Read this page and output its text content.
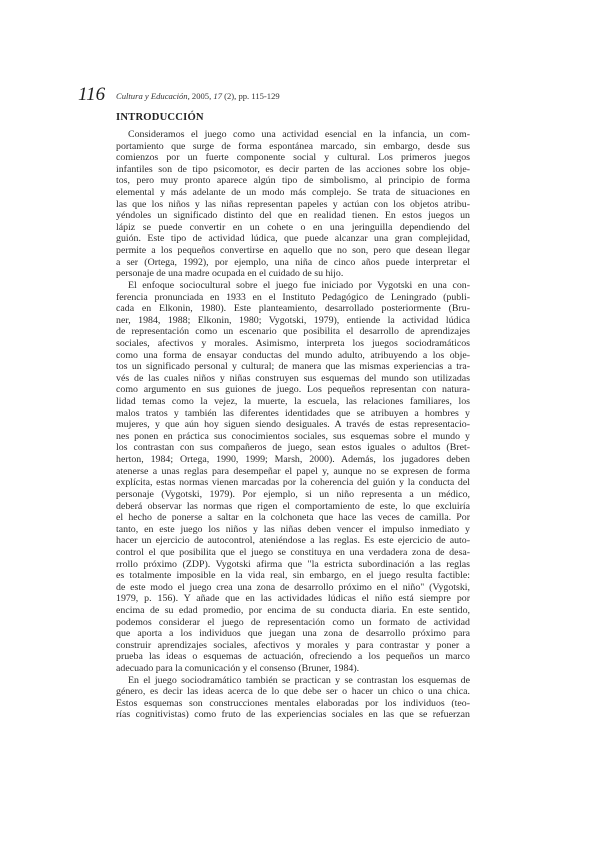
116 Cultura y Educación, 2005, 17 (2), pp. 115-129
INTRODUCCIÓN
Consideramos el juego como una actividad esencial en la infancia, un com-
portamiento que surge de forma espontánea marcado, sin embargo, desde sus
comienzos por un fuerte componente social y cultural. Los primeros juegos
infantiles son de tipo psicomotor, es decir parten de las acciones sobre los obje-
tos, pero muy pronto aparece algún tipo de simbolismo, al principio de forma
elemental y más adelante de un modo más complejo. Se trata de situaciones en
las que los niños y las niñas representan papeles y actúan con los objetos atribu-
yéndoles un significado distinto del que en realidad tienen. En estos juegos un
lápiz se puede convertir en un cohete o en una jeringuilla dependiendo del
guión. Este tipo de actividad lúdica, que puede alcanzar una gran complejidad,
permite a los pequeños convertirse en aquello que no son, pero que desean llegar
a ser (Ortega, 1992), por ejemplo, una niña de cinco años puede interpretar el
personaje de una madre ocupada en el cuidado de su hijo.
El enfoque sociocultural sobre el juego fue iniciado por Vygotski en una con-
ferencia pronunciada en 1933 en el Instituto Pedagógico de Leningrado (publi-
cada en Elkonin, 1980). Este planteamiento, desarrollado posteriormente (Bru-
ner, 1984, 1988; Elkonin, 1980; Vygotski, 1979), entiende la actividad lúdica
de representación como un escenario que posibilita el desarrollo de aprendizajes
sociales, afectivos y morales. Asimismo, interpreta los juegos sociodramáticos
como una forma de ensayar conductas del mundo adulto, atribuyendo a los obje-
tos un significado personal y cultural; de manera que las mismas experiencias a tra-
vés de las cuales niños y niñas construyen sus esquemas del mundo son utilizadas
como argumento en sus guiones de juego. Los pequeños representan con natura-
lidad temas como la vejez, la muerte, la escuela, las relaciones familiares, los
malos tratos y también las diferentes identidades que se atribuyen a hombres y
mujeres, y que aún hoy siguen siendo desiguales. A través de estas representacio-
nes ponen en práctica sus conocimientos sociales, sus esquemas sobre el mundo y
los contrastan con sus compañeros de juego, sean estos iguales o adultos (Bret-
herton, 1984; Ortega, 1990, 1999; Marsh, 2000). Además, los jugadores deben
atenerse a unas reglas para desempeñar el papel y, aunque no se expresen de forma
explícita, estas normas vienen marcadas por la coherencia del guión y la conducta del
personaje (Vygotski, 1979). Por ejemplo, si un niño representa a un médico,
deberá observar las normas que rigen el comportamiento de este, lo que excluiría
el hecho de ponerse a saltar en la colchoneta que hace las veces de camilla. Por
tanto, en este juego los niños y las niñas deben vencer el impulso inmediato y
hacer un ejercicio de autocontrol, ateniéndose a las reglas. Es este ejercicio de auto-
control el que posibilita que el juego se constituya en una verdadera zona de desa-
rrollo próximo (ZDP). Vygotski afirma que "la estricta subordinación a las reglas
es totalmente imposible en la vida real, sin embargo, en el juego resulta factible:
de este modo el juego crea una zona de desarrollo próximo en el niño" (Vygotski,
1979, p. 156). Y añade que en las actividades lúdicas el niño está siempre por
encima de su edad promedio, por encima de su conducta diaria. En este sentido,
podemos considerar el juego de representación como un formato de actividad
que aporta a los individuos que juegan una zona de desarrollo próximo para
construir aprendizajes sociales, afectivos y morales y para contrastar y poner a
prueba las ideas o esquemas de actuación, ofreciendo a los pequeños un marco
adecuado para la comunicación y el consenso (Bruner, 1984).
En el juego sociodramático también se practican y se contrastan los esquemas de
género, es decir las ideas acerca de lo que debe ser o hacer un chico o una chica.
Estos esquemas son construcciones mentales elaboradas por los individuos (teo-
rías cognitivistas) como fruto de las experiencias sociales en las que se refuerzan
